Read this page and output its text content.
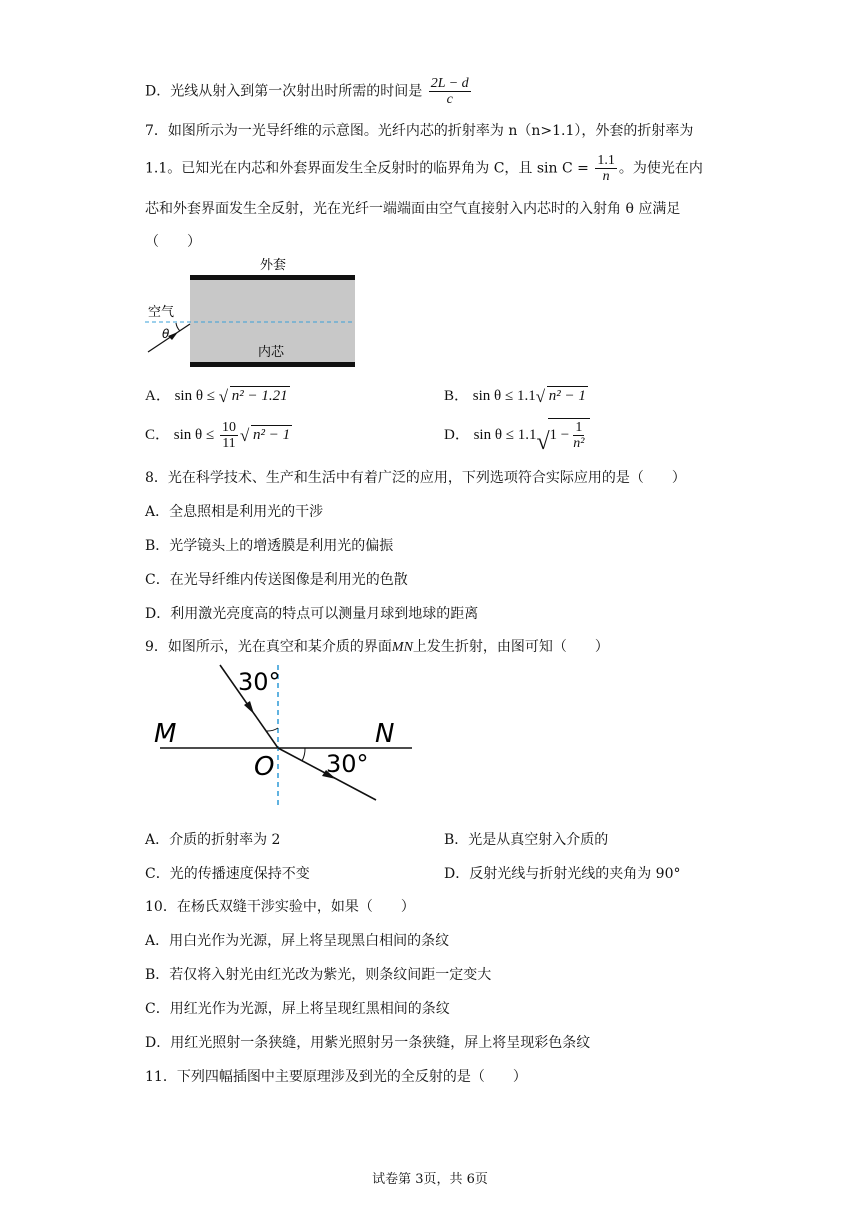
D．光线从射入到第一次射出时所需的时间是 $\frac{2L - d}{c}$
7．如图所示为一光导纤维的示意图。光纤内芯的折射率为 n（n>1.1），外套的折射率为
1.1。已知光在内芯和外套界面发生全反射时的临界角为 C，且 $\sin C = \frac{1.1}{n}$ 。为使光在内
芯和外套界面发生全反射，光在光纤一端端面由空气直接射入内芯时的入射角 θ 应满足
（　　）
外套
内芯
空气
θ
A． sin θ ≤ √ n² − 1.21	B． sin θ ≤ 1.1 √ n² − 1
C． $\sin \theta \le \frac{10}{11}$ √ n² − 1	D． sin θ ≤ 1.1 √ $1 - \frac{1}{\text{n²}}$
8．光在科学技术、生产和生活中有着广泛的应用，下列选项符合实际应用的是（　　）
A．全息照相是利用光的干涉
B．光学镜头上的增透膜是利用光的偏振
C．在光导纤维内传送图像是利用光的色散
D．利用激光亮度高的特点可以测量月球到地球的距离
9．如图所示，光在真空和某介质的界面MN上发生折射，由图可知（　　）
30°
30°
M	N
O
A．介质的折射率为 2	B．光是从真空射入介质的
C．光的传播速度保持不变	D．反射光线与折射光线的夹角为 90°
10．在杨氏双缝干涉实验中，如果（　　）
A．用白光作为光源，屏上将呈现黑白相间的条纹
B．若仅将入射光由红光改为紫光，则条纹间距一定变大
C．用红光作为光源，屏上将呈现红黑相间的条纹
D．用红光照射一条狭缝，用紫光照射另一条狭缝，屏上将呈现彩色条纹
11．下列四幅插图中主要原理涉及到光的全反射的是（　　）
试卷第 3页，共 6页
